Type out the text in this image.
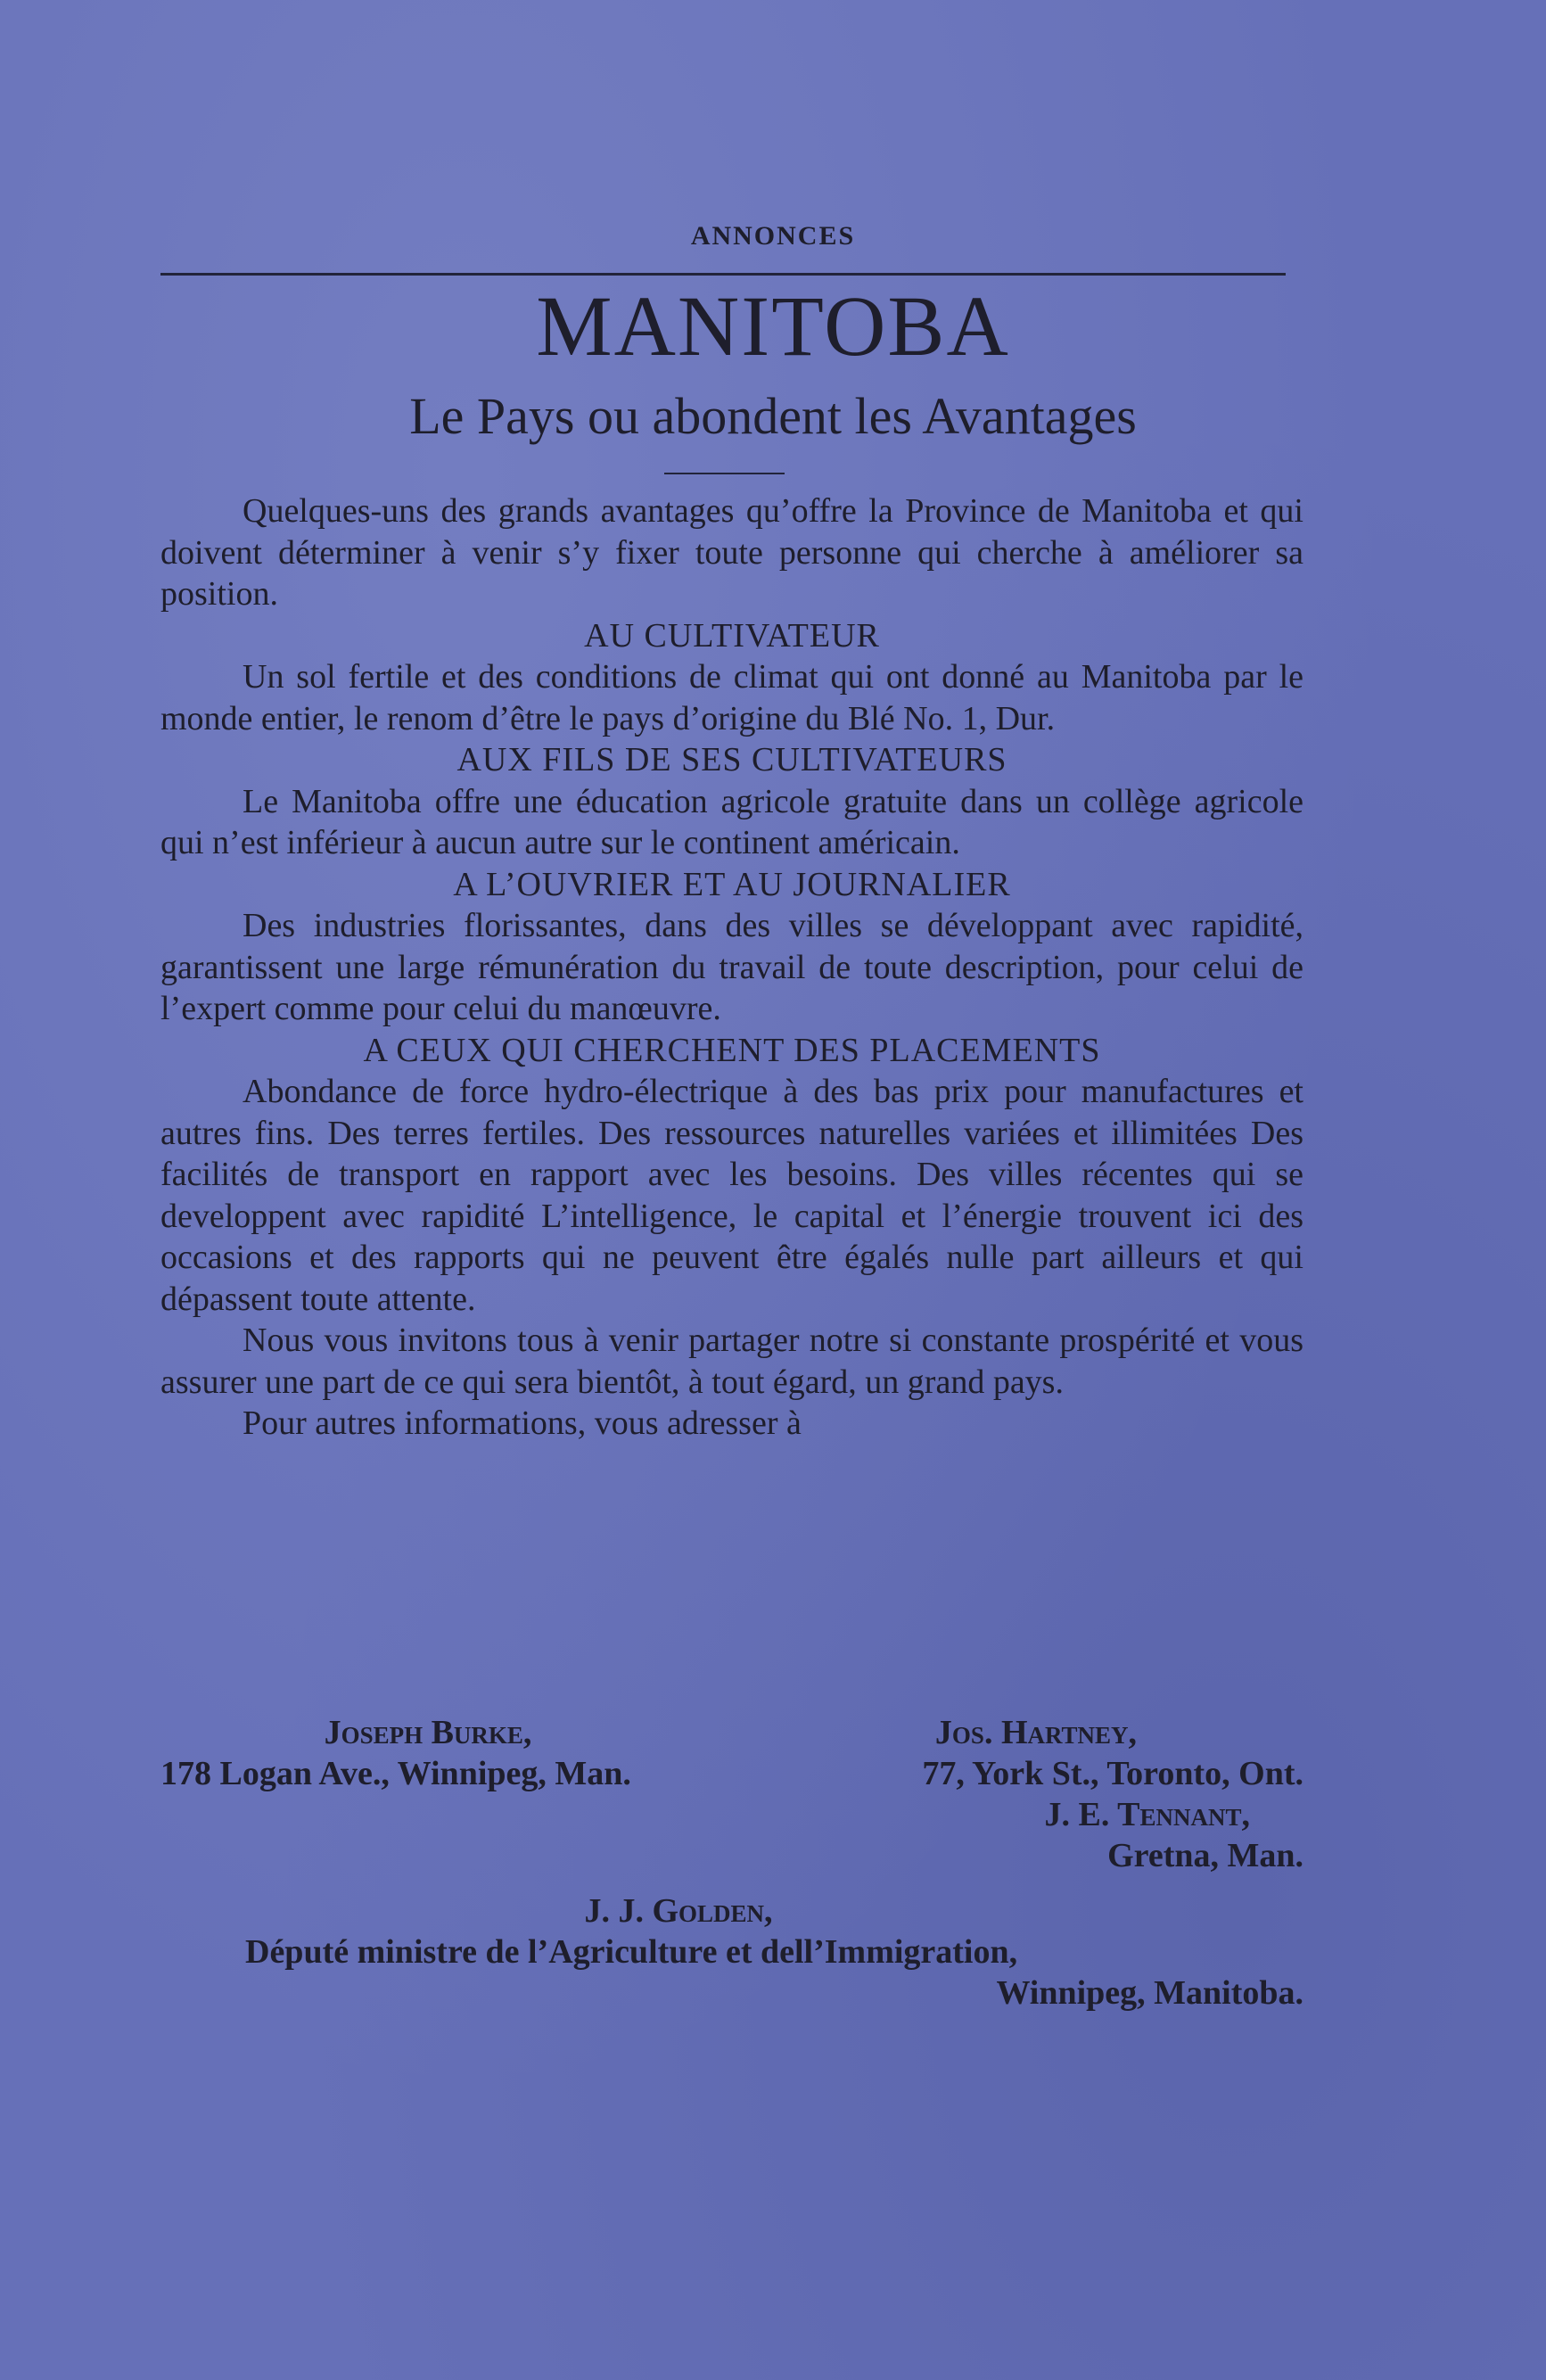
ANNONCES
MANITOBA
Le Pays ou abondent les Avantages

Quelques-uns des grands avantages qu’offre la Province de Manitoba et qui doivent déterminer à venir s’y fixer toute personne qui cherche à améliorer sa position.

AU CULTIVATEUR

Un sol fertile et des conditions de climat qui ont donné au Manitoba par le monde entier, le renom d’être le pays d’origine du Blé No. 1, Dur.

AUX FILS DE SES CULTIVATEURS

Le Manitoba offre une éducation agricole gratuite dans un collège agricole qui n’est inférieur à aucun autre sur le continent américain.

A L’OUVRIER ET AU JOURNALIER

Des industries florissantes, dans des villes se développant avec rapidité, garantissent une large rémunération du travail de toute description, pour celui de l’expert comme pour celui du manœuvre.

A CEUX QUI CHERCHENT DES PLACEMENTS

Abondance de force hydro-électrique à des bas prix pour manufactures et autres fins. Des terres fertiles. Des ressources naturelles variées et illimitées Des facilités de transport en rapport avec les besoins. Des villes récentes qui se developpent avec rapidité L’intelligence, le capital et l’énergie trouvent ici des occasions et des rapports qui ne peuvent être égalés nulle part ailleurs et qui dépassent toute attente.

Nous vous invitons tous à venir partager notre si constante prospérité et vous assurer une part de ce qui sera bientôt, à tout égard, un grand pays.

Pour autres informations, vous adresser à

Joseph Burke,	Jos. Hartney,
178 Logan Ave., Winnipeg, Man.	77, York St., Toronto, Ont.
J. E. Tennant,
Gretna, Man.
J. J. Golden,
Député ministre de l’Agriculture et dell’Immigration,
Winnipeg, Manitoba.
